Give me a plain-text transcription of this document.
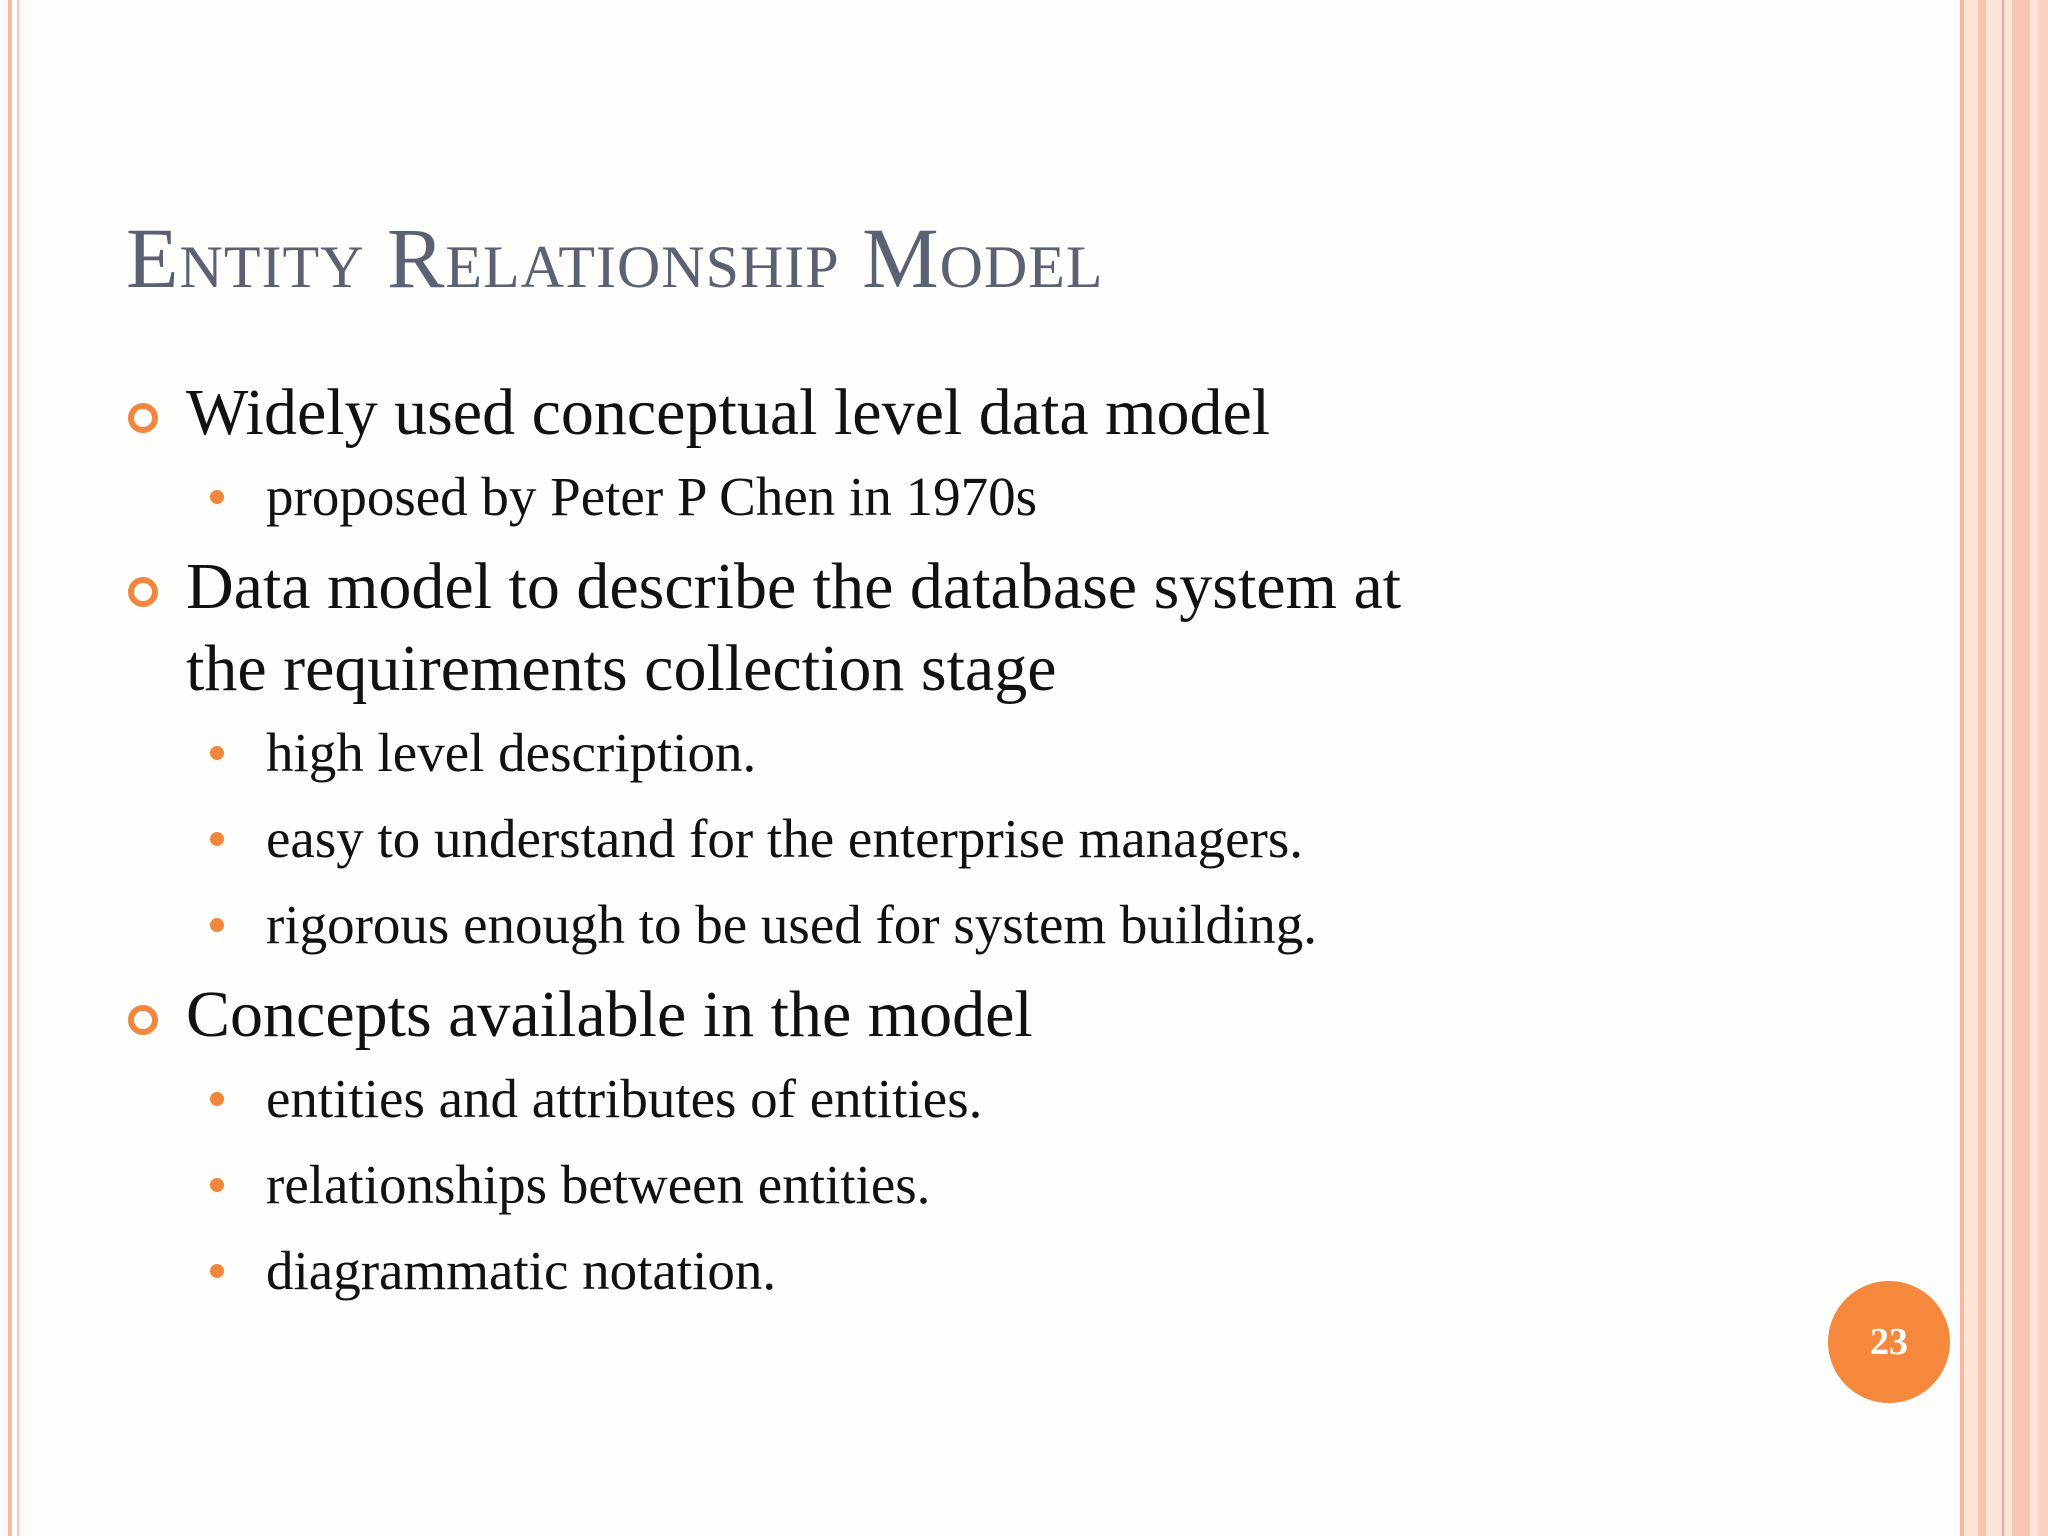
Entity Relationship Model
Widely used conceptual level data model
proposed by Peter P Chen in 1970s
Data model to describe the database system at
the requirements collection stage
high level description.
easy to understand for the enterprise managers.
rigorous enough to be used for system building.
Concepts available in the model
entities and attributes of entities.
relationships between entities.
diagrammatic notation.
23
